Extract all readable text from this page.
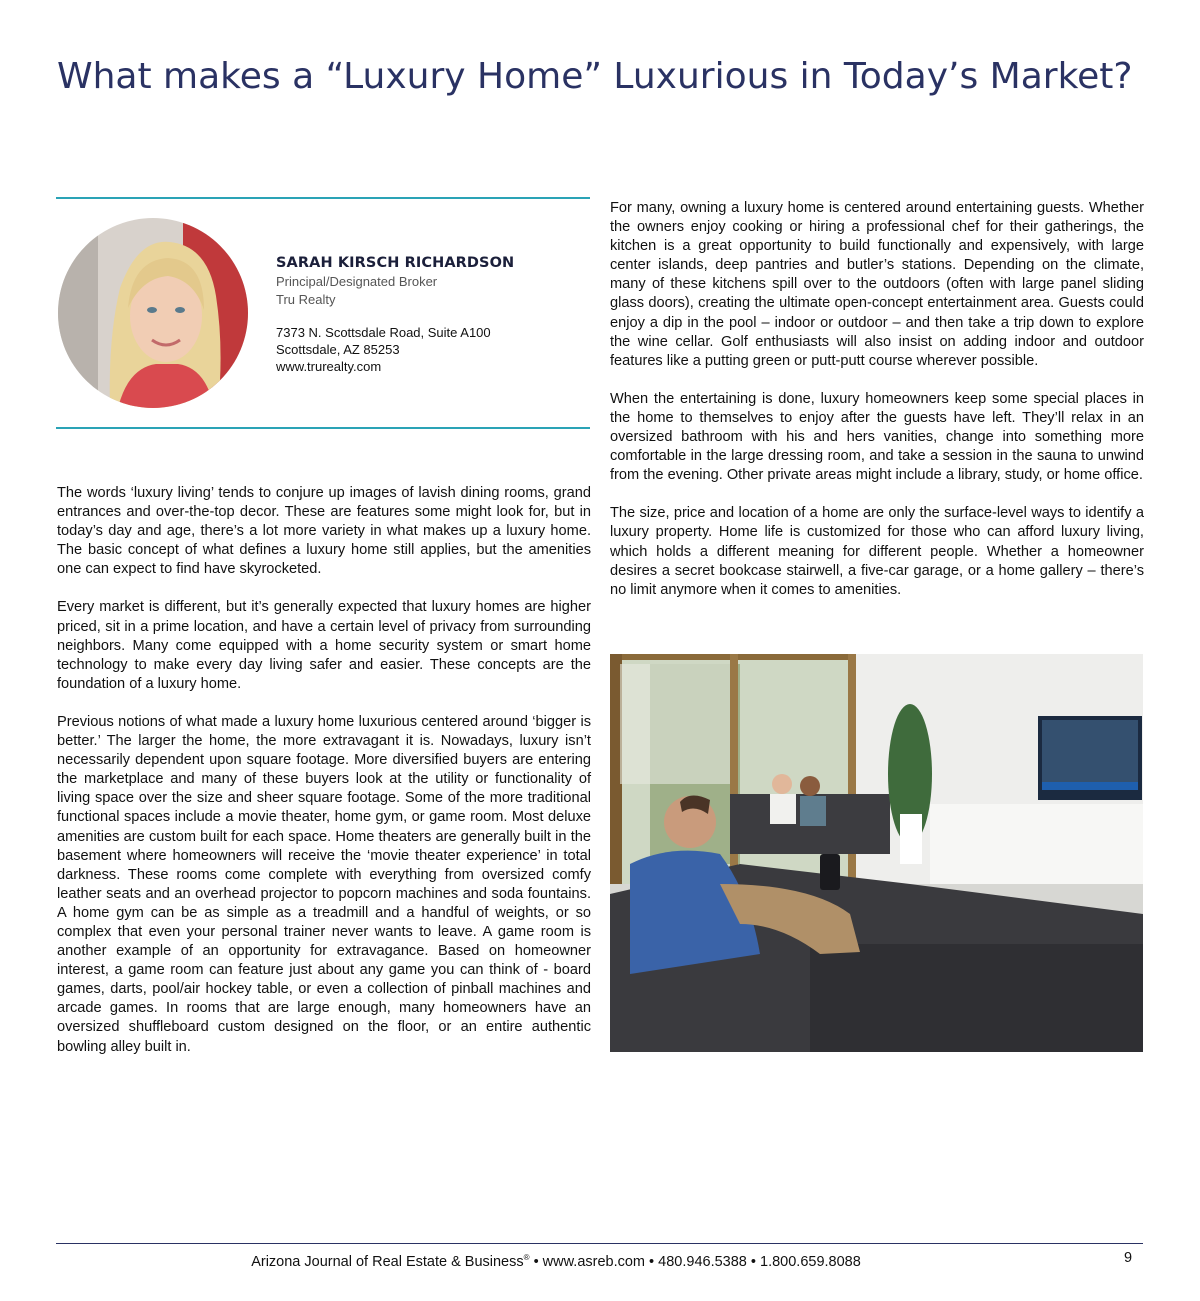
What makes a “Luxury Home” Luxurious in Today’s Market?
SARAH KIRSCH RICHARDSON
Principal/Designated Broker
Tru Realty
7373 N. Scottsdale Road, Suite A100
Scottsdale, AZ 85253
www.trurealty.com

The words ‘luxury living’ tends to conjure up images of lavish dining rooms, grand entrances and over-the-top decor. These are features some might look for, but in today’s day and age, there’s a lot more variety in what makes up a luxury home. The basic concept of what defines a luxury home still applies, but the amenities one can expect to find have skyrocketed.

Every market is different, but it’s generally expected that luxury homes are higher priced, sit in a prime location, and have a certain level of privacy from surrounding neighbors. Many come equipped with a home security system or smart home technology to make every day living safer and easier. These concepts are the foundation of a luxury home.

Previous notions of what made a luxury home luxurious centered around ‘bigger is better.’ The larger the home, the more extravagant it is. Nowadays, luxury isn’t necessarily dependent upon square footage. More diversified buyers are entering the marketplace and many of these buyers look at the utility or functionality of living space over the size and sheer square footage. Some of the more traditional functional spaces include a movie theater, home gym, or game room. Most deluxe amenities are custom built for each space. Home theaters are generally built in the basement where homeowners will receive the ‘movie theater experience’ in total darkness. These rooms come complete with everything from oversized comfy leather seats and an overhead projector to popcorn machines and soda fountains. A home gym can be as simple as a treadmill and a handful of weights, or so complex that even your personal trainer never wants to leave. A game room is another example of an opportunity for extravagance. Based on homeowner interest, a game room can feature just about any game you can think of - board games, darts, pool/air hockey table, or even a collection of pinball machines and arcade games. In rooms that are large enough, many homeowners have an oversized shuffleboard custom designed on the floor, or an entire authentic bowling alley built in.

For many, owning a luxury home is centered around entertaining guests. Whether the owners enjoy cooking or hiring a professional chef for their gatherings, the kitchen is a great opportunity to build functionally and expensively, with large center islands, deep pantries and butler’s stations. Depending on the climate, many of these kitchens spill over to the outdoors (often with large panel sliding glass doors), creating the ultimate open-concept entertainment area. Guests could enjoy a dip in the pool – indoor or outdoor – and then take a trip down to explore the wine cellar. Golf enthusiasts will also insist on adding indoor and outdoor features like a putting green or putt-putt course wherever possible.

When the entertaining is done, luxury homeowners keep some special places in the home to themselves to enjoy after the guests have left. They’ll relax in an oversized bathroom with his and hers vanities, change into something more comfortable in the large dressing room, and take a session in the sauna to unwind from the evening. Other private areas might include a library, study, or home office.

The size, price and location of a home are only the surface-level ways to identify a luxury property. Home life is customized for those who can afford luxury living, which holds a different meaning for different people. Whether a homeowner desires a secret bookcase stairwell, a five-car garage, or a home gallery – there’s no limit anymore when it comes to amenities.

Arizona Journal of Real Estate & Business® • www.asreb.com • 480.946.5388 • 1.800.659.8088	9
